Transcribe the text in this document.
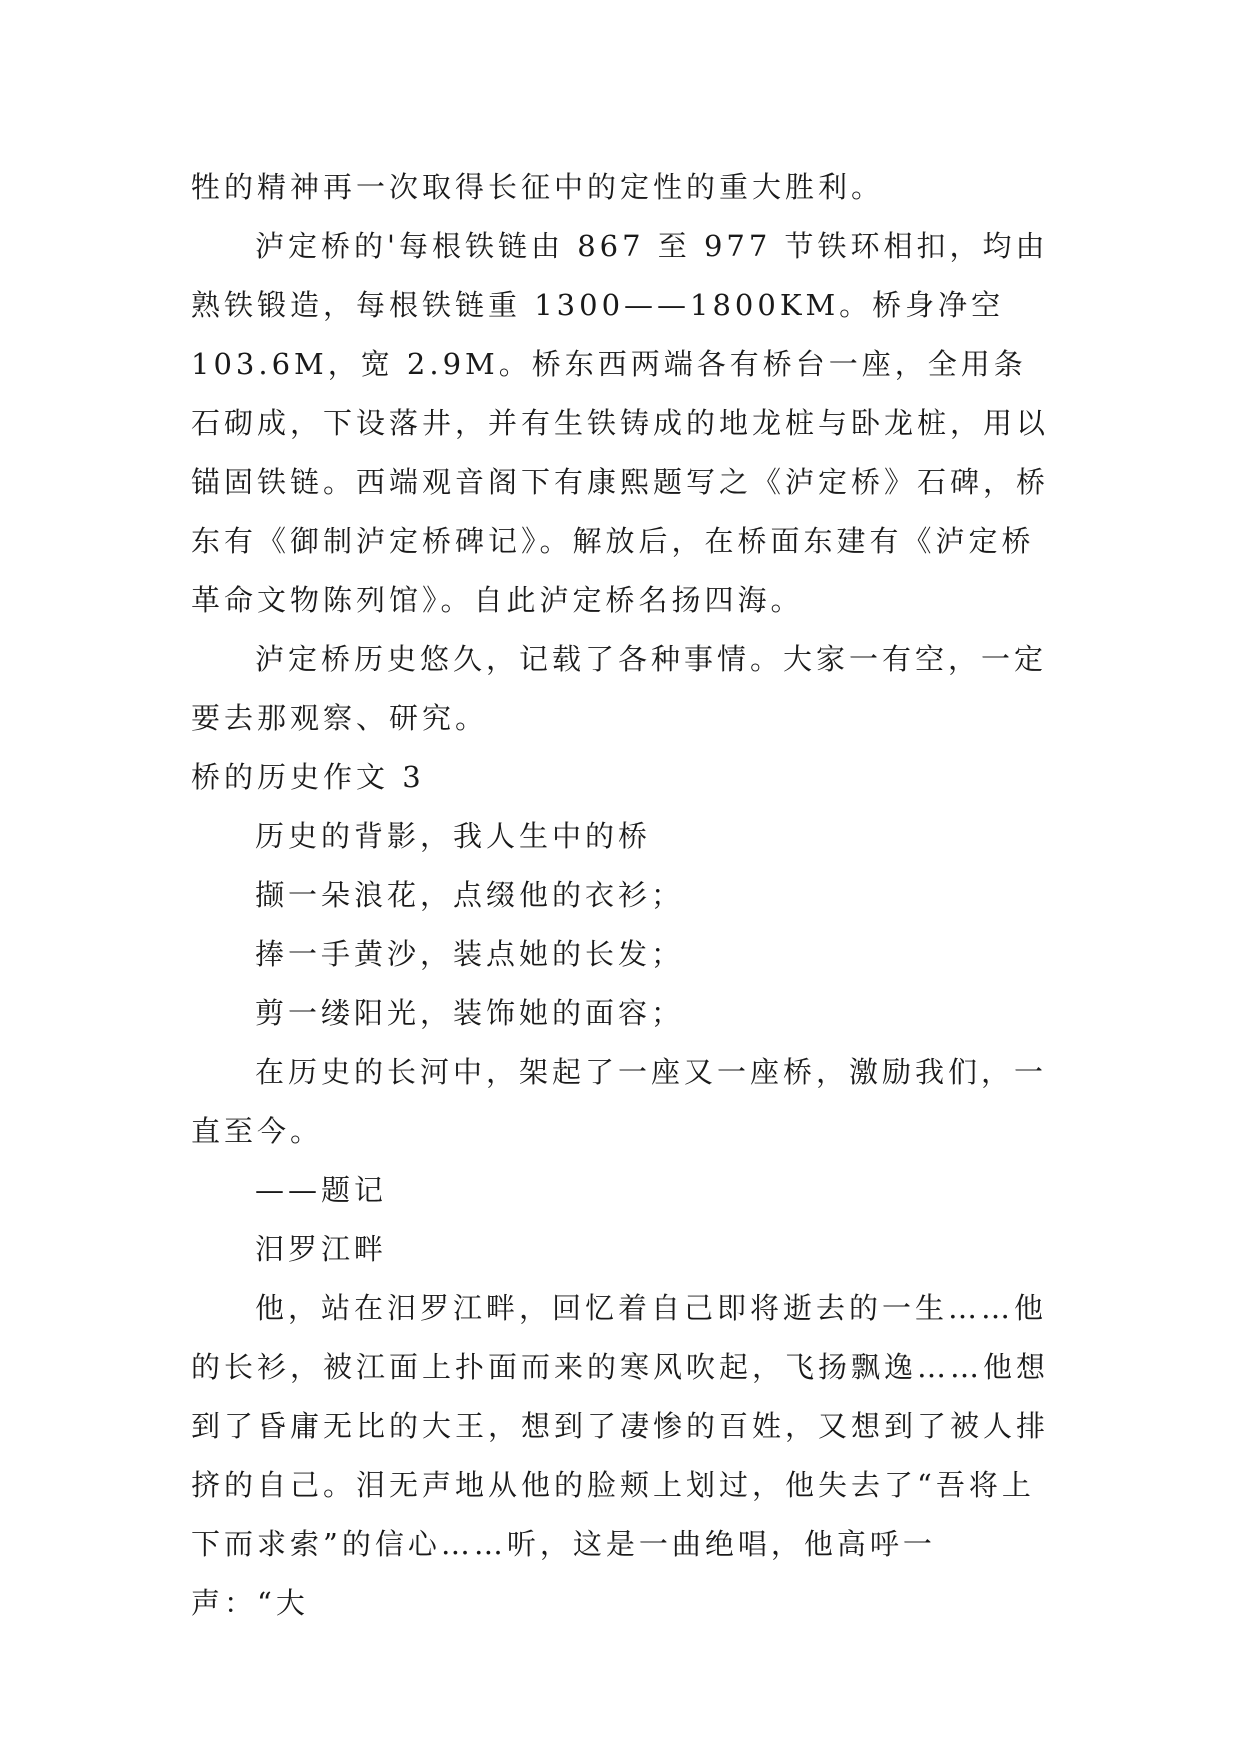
牲的精神再一次取得长征中的定性的重大胜利。

泸定桥的'每根铁链由 867 至 977 节铁环相扣，均由熟铁锻造，每根铁链重 1300——1800KM。桥身净空 103.6M，宽 2.9M。桥东西两端各有桥台一座，全用条石砌成，下设落井，并有生铁铸成的地龙桩与卧龙桩，用以锚固铁链。西端观音阁下有康熙题写之《泸定桥》石碑，桥东有《御制泸定桥碑记》。解放后，在桥面东建有《泸定桥革命文物陈列馆》。自此泸定桥名扬四海。

泸定桥历史悠久，记载了各种事情。大家一有空，一定要去那观察、研究。

桥的历史作文 3

历史的背影，我人生中的桥

撷一朵浪花，点缀他的衣衫；

捧一手黄沙，装点她的长发；

剪一缕阳光，装饰她的面容；

在历史的长河中，架起了一座又一座桥，激励我们，一直至今。

——题记

汨罗江畔

他，站在汨罗江畔，回忆着自己即将逝去的一生……他的长衫，被江面上扑面而来的寒风吹起，飞扬飘逸……他想到了昏庸无比的大王，想到了凄惨的百姓，又想到了被人排挤的自己。泪无声地从他的脸颊上划过，他失去了“吾将上下而求索”的信心……听，这是一曲绝唱，他高呼一声：“大
